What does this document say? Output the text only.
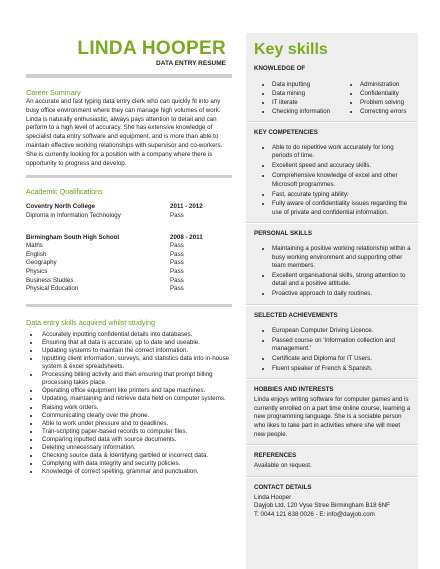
LINDA HOOPER
DATA ENTRY RESUME
Career Summary
An accurate and fast typing data entry clerk who can quickly fit into any busy office environment where they can manage high volumes of work. Linda is naturally enthusiastic, always pays attention to detail and can perform to a high level of accuracy. She has extensive knowledge of specialist data entry software and equipment, and is more than able to maintain effective working relationships with supervisor and co-workers. She is currently looking for a position with a company where there is opportunity to progress and develop.
Academic Qualifications
Coventry North College	2011 - 2012
Diploma in Information Technology	Pass
Birmingham South High School	2008 - 2011
Maths	Pass
English	Pass
Geography	Pass
Physics	Pass
Business Studies	Pass
Physical Education	Pass
Data entry skills acquired whilst studying
• Accurately inputting confidential details into databases.
• Ensuring that all data is accurate, up to date and useable.
• Updating systems to maintain the correct information.
• Inputting client information, surveys, and statistics data into in-house system & excel spreadsheets.
• Processing billing activity and then ensuring that prompt billing processing takes place.
• Operating office equipment like printers and tape machines.
• Updating, maintaining and retrieve data held on computer systems.
• Raising work orders.
• Communicating clearly over the phone.
• Able to work under pressure and to deadlines.
• Tran-scripting paper-based records to computer files.
• Comparing inputted data with source documents.
• Deleting unnecessary information.
• Checking source data & Identifying garbled or incorrect data.
• Complying with data integrity and security policies.
• Knowledge of correct spelling, grammar and punctuation.
Key skills
KNOWLEDGE OF
• Data inputting
• Data mining
• IT literate
• Checking information
• Administration
• Confidentiality
• Problem solving
• Correcting errors
KEY COMPETENCIES
• Able to do repetitive work accurately for long periods of time.
• Excellent speed and accuracy skills.
• Comprehensive knowledge of excel and other Microsoft programmes.
• Fast, accurate typing ability.
• Fully aware of confidentiality issues regarding the use of private and confidential information.
PERSONAL SKILLS
• Maintaining a positive working relationship within a busy working environment and supporting other team members.
• Excellent organisational skills, strong attention to detail and a positive attitude.
• Proactive approach to daily routines.
SELECTED ACHIEVEMENTS
• European Computer Driving Licence.
• Passed course on 'Information collection and management.'
• Certificate and Diploma for IT Users.
• Fluent speaker of French & Spanish.
HOBBIES AND INTERESTS
Linda enjoys writing software for computer games and is currently enrolled on a part time online course, learning a new programming language. She is a sociable person who likes to take part in activities where she will meet new people.
REFERENCES
Available on request.
CONTACT DETAILS
Linda Hooper
Dayjob Ltd, 120 Vyse Stree Birmingham B18 6NF
T: 0044 121 638 0026 - E: info@dayjob.com
